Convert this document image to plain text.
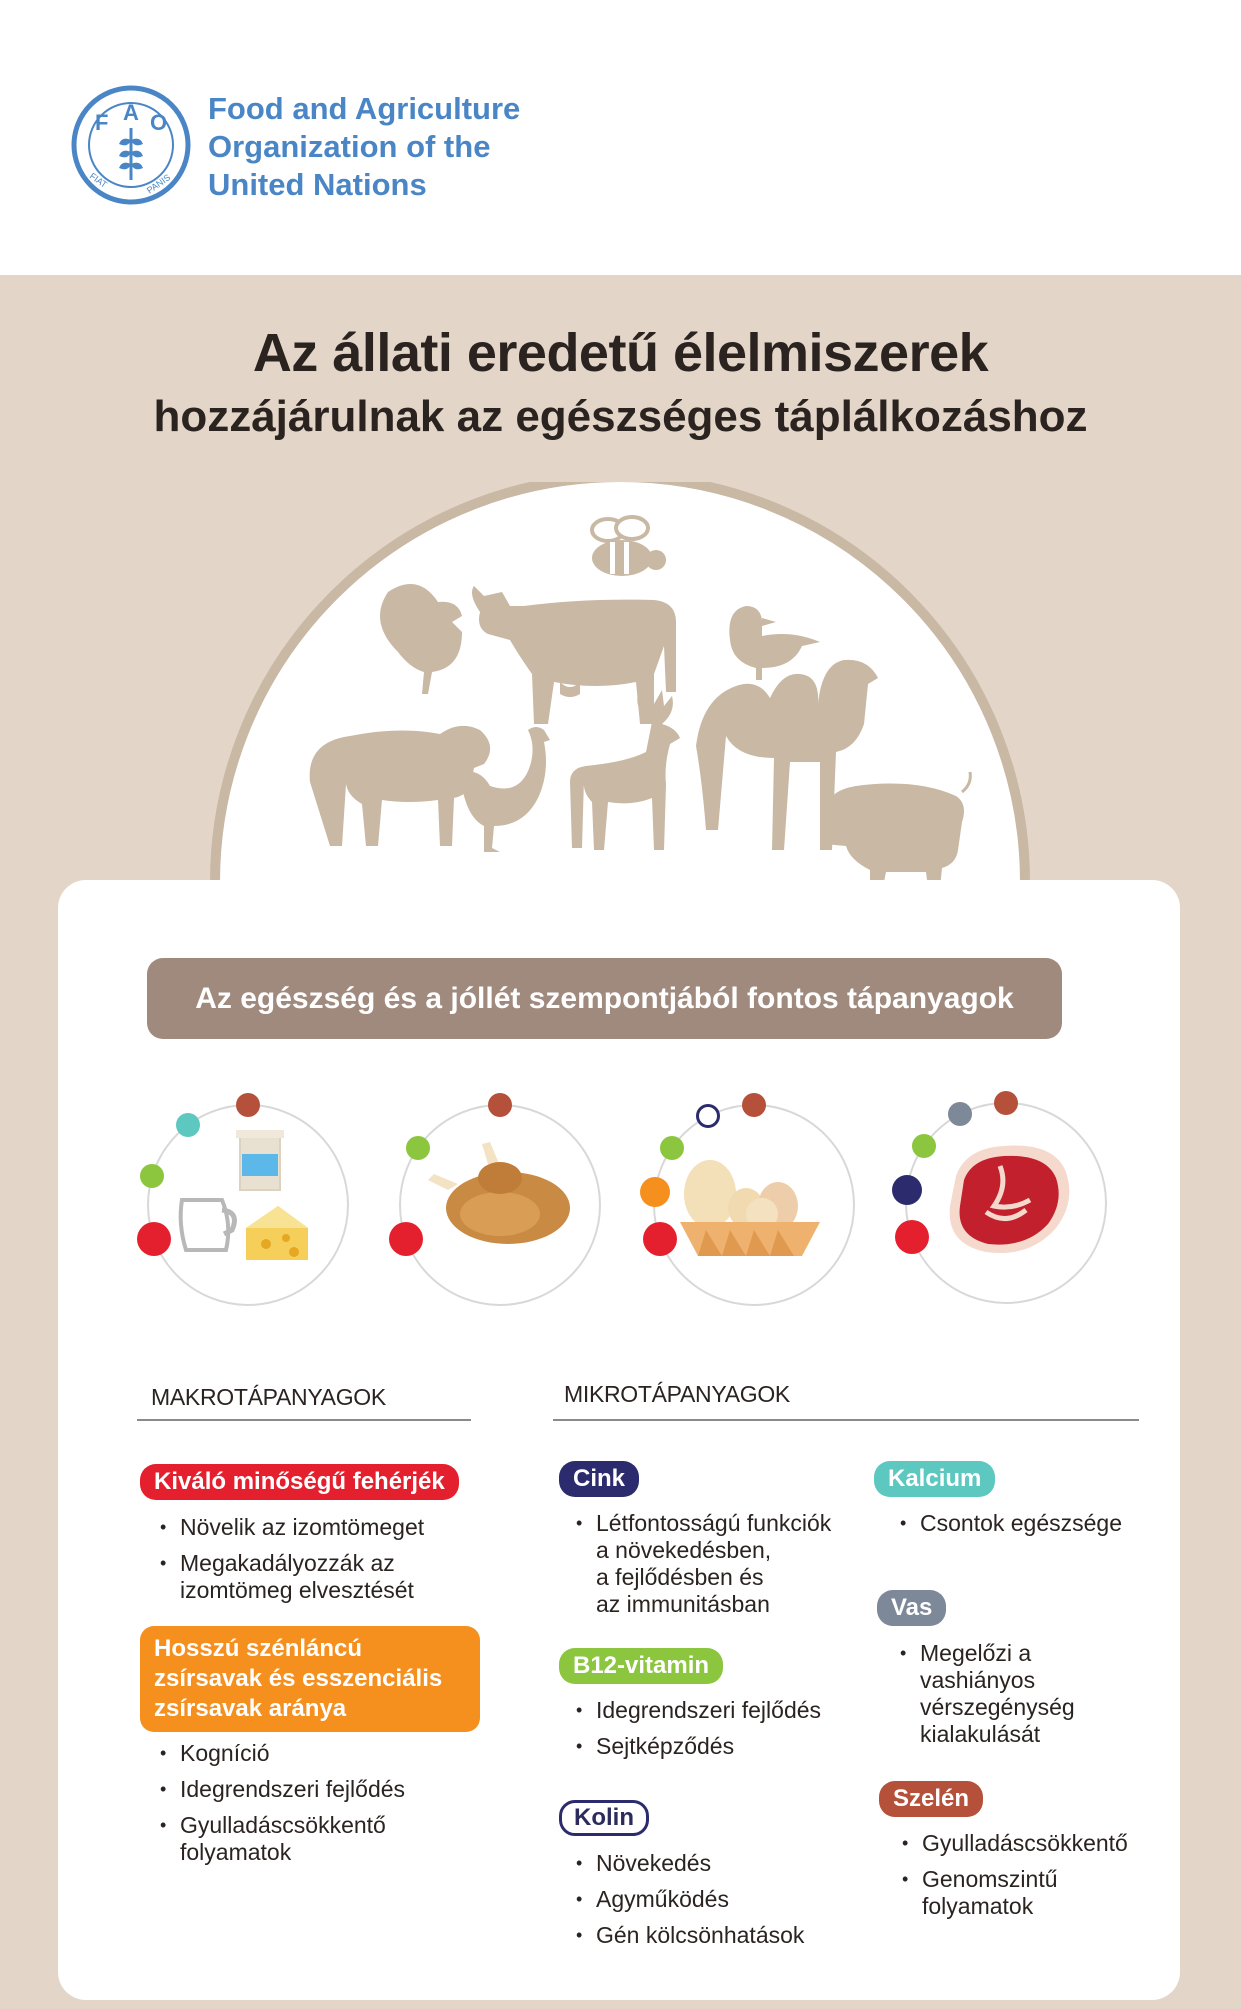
F A O
FIAT	PANIS
Food and Agriculture
Organization of the
United Nations
Az állati eredetű élelmiszerek
hozzájárulnak az egészséges táplálkozáshoz
Az egészség és a jóllét szempontjából fontos tápanyagok
MAKROTÁPANYAGOK
Kiváló minőségű fehérjék
• Növelik az izomtömeget
• Megakadályozzák az
izomtömeg elvesztését
Hosszú szénláncú zsírsavak és esszenciális zsírsavak aránya
• Kogníció
• Idegrendszeri fejlődés
• Gyulladáscsökkentő
folyamatok
MIKROTÁPANYAGOK
Cink
• Létfontosságú funkciók
a növekedésben,
a fejlődésben és
az immunitásban
B12-vitamin
• Idegrendszeri fejlődés
• Sejtképződés
Kolin
• Növekedés
• Agyműködés
• Gén kölcsönhatások
Kalcium
• Csontok egészsége
Vas
• Megelőzi a
vashiányos
vérszegénység
kialakulását
Szelén
• Gyulladáscsökkentő
• Genomszintű
folyamatok
